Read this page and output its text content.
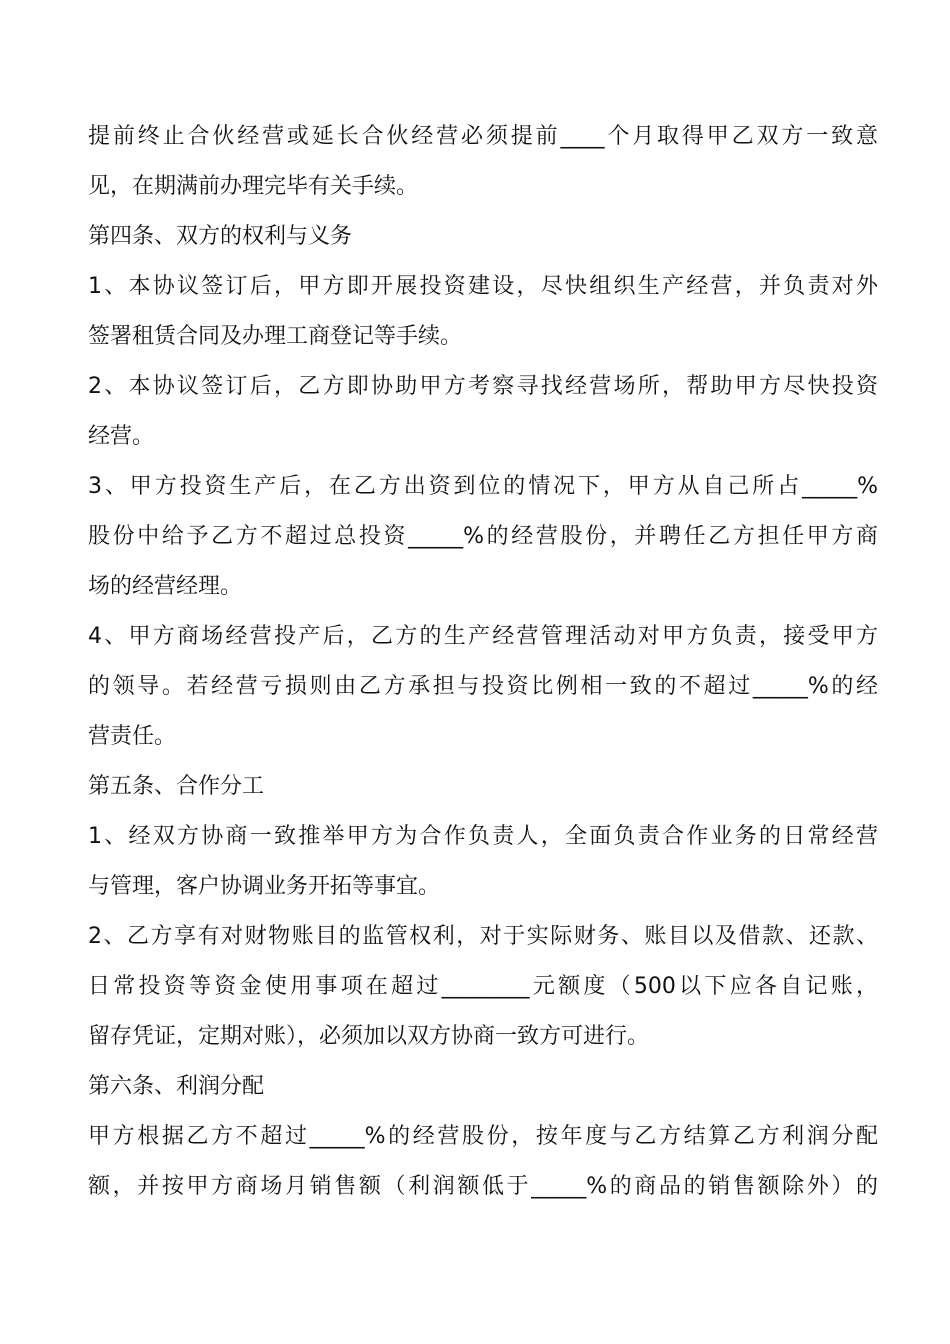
提前终止合伙经营或延长合伙经营必须提前____个月取得甲乙双方一致意
见，在期满前办理完毕有关手续。
第四条、双方的权利与义务
1、本协议签订后，甲方即开展投资建设，尽快组织生产经营，并负责对外
签署租赁合同及办理工商登记等手续。
2、本协议签订后，乙方即协助甲方考察寻找经营场所，帮助甲方尽快投资
经营。
3、甲方投资生产后，在乙方出资到位的情况下，甲方从自己所占_____%
股份中给予乙方不超过总投资_____%的经营股份，并聘任乙方担任甲方商
场的经营经理。
4、甲方商场经营投产后，乙方的生产经营管理活动对甲方负责，接受甲方
的领导。若经营亏损则由乙方承担与投资比例相一致的不超过_____%的经
营责任。
第五条、合作分工
1、经双方协商一致推举甲方为合作负责人，全面负责合作业务的日常经营
与管理，客户协调业务开拓等事宜。
2、乙方享有对财物账目的监管权利，对于实际财务、账目以及借款、还款、
日常投资等资金使用事项在超过________元额度（500以下应各自记账，
留存凭证，定期对账），必须加以双方协商一致方可进行。
第六条、利润分配
甲方根据乙方不超过_____%的经营股份，按年度与乙方结算乙方利润分配
额，并按甲方商场月销售额（利润额低于_____%的商品的销售额除外）的
